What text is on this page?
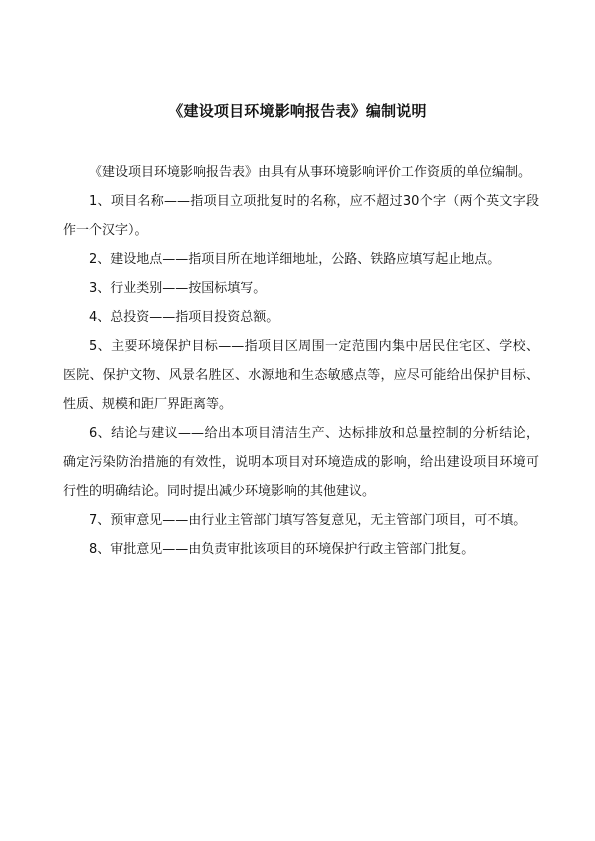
《建设项目环境影响报告表》编制说明

《建设项目环境影响报告表》由具有从事环境影响评价工作资质的单位编制。

1、项目名称——指项目立项批复时的名称，应不超过30个字（两个英文字段作一个汉字）。

2、建设地点——指项目所在地详细地址，公路、铁路应填写起止地点。

3、行业类别——按国标填写。

4、总投资——指项目投资总额。

5、主要环境保护目标——指项目区周围一定范围内集中居民住宅区、学校、医院、保护文物、风景名胜区、水源地和生态敏感点等，应尽可能给出保护目标、性质、规模和距厂界距离等。

6、结论与建议——给出本项目清洁生产、达标排放和总量控制的分析结论，确定污染防治措施的有效性，说明本项目对环境造成的影响，给出建设项目环境可行性的明确结论。同时提出减少环境影响的其他建议。

7、预审意见——由行业主管部门填写答复意见，无主管部门项目，可不填。

8、审批意见——由负责审批该项目的环境保护行政主管部门批复。
